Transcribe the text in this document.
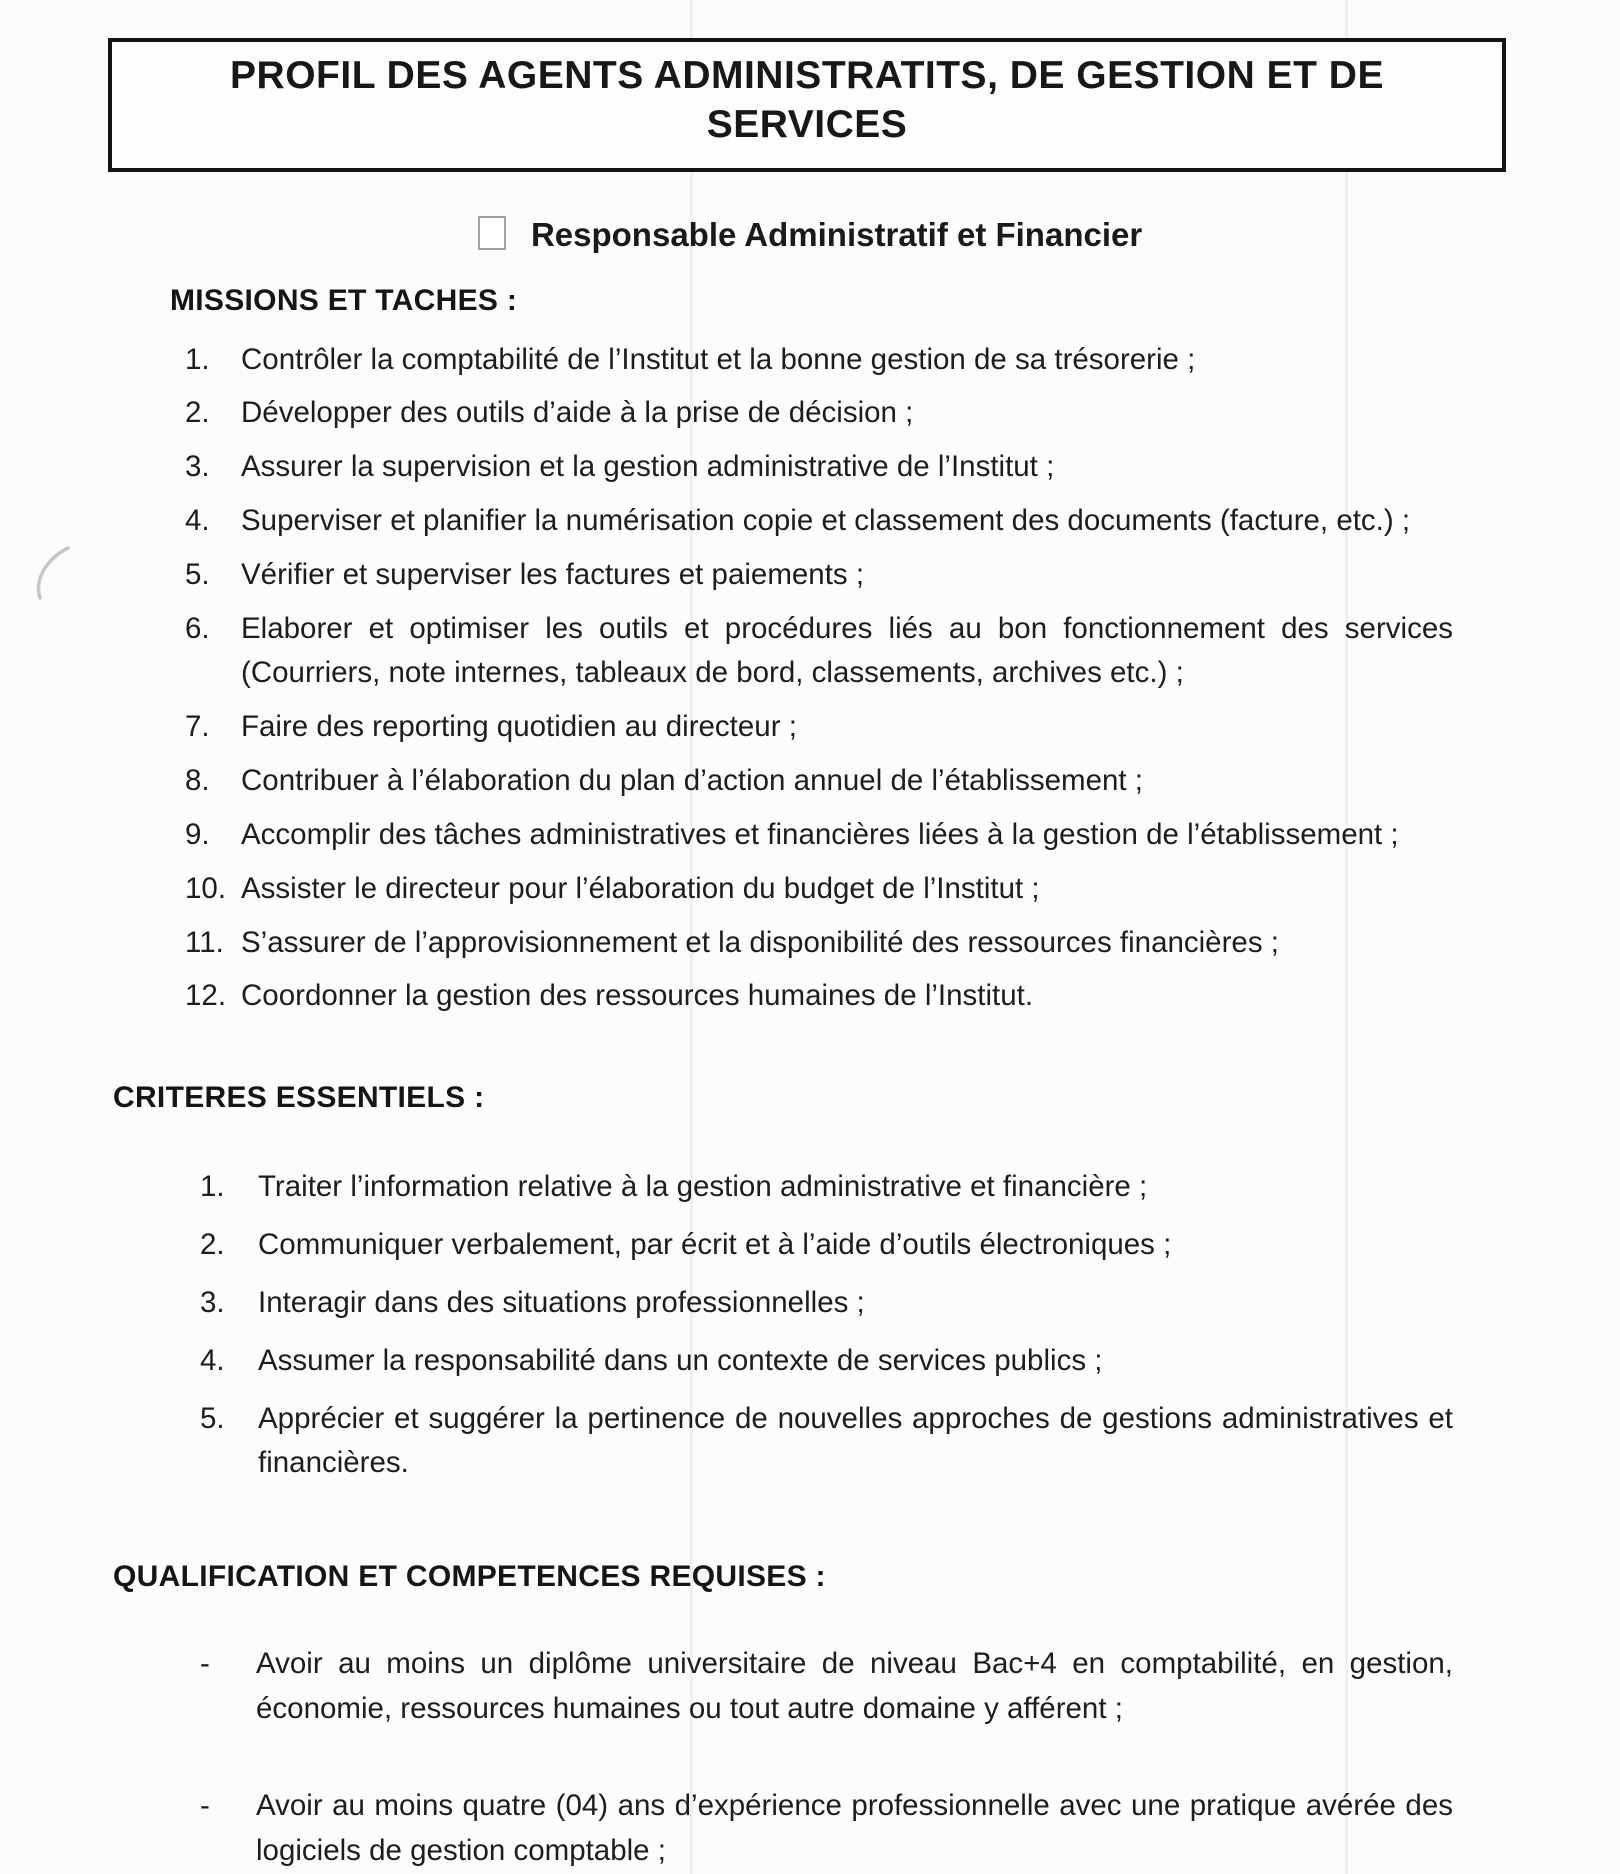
PROFIL DES AGENTS ADMINISTRATITS, DE GESTION ET DE
SERVICES
Responsable Administratif et Financier
MISSIONS ET TACHES :
1. Contrôler la comptabilité de l’Institut et la bonne gestion de sa trésorerie ;
2. Développer des outils d’aide à la prise de décision ;
3. Assurer la supervision et la gestion administrative de l’Institut ;
4. Superviser et planifier la numérisation copie et classement des documents (facture, etc.) ;
5. Vérifier et superviser les factures et paiements ;
6. Elaborer et optimiser les outils et procédures liés au bon fonctionnement des services (Courriers, note internes, tableaux de bord, classements, archives etc.) ;
7. Faire des reporting quotidien au directeur ;
8. Contribuer à l’élaboration du plan d’action annuel de l’établissement ;
9. Accomplir des tâches administratives et financières liées à la gestion de l’établissement ;
10. Assister le directeur pour l’élaboration du budget de l’Institut ;
11. S’assurer de l’approvisionnement et la disponibilité des ressources financières ;
12. Coordonner la gestion des ressources humaines de l’Institut.
CRITERES ESSENTIELS :
1. Traiter l’information relative à la gestion administrative et financière ;
2. Communiquer verbalement, par écrit et à l’aide d’outils électroniques ;
3. Interagir dans des situations professionnelles ;
4. Assumer la responsabilité dans un contexte de services publics ;
5. Apprécier et suggérer la pertinence de nouvelles approches de gestions administratives et financières.
QUALIFICATION ET COMPETENCES REQUISES :
- Avoir au moins un diplôme universitaire de niveau Bac+4 en comptabilité, en gestion, économie, ressources humaines ou tout autre domaine y afférent ;
- Avoir au moins quatre (04) ans d’expérience professionnelle avec une pratique avérée des logiciels de gestion comptable ;
